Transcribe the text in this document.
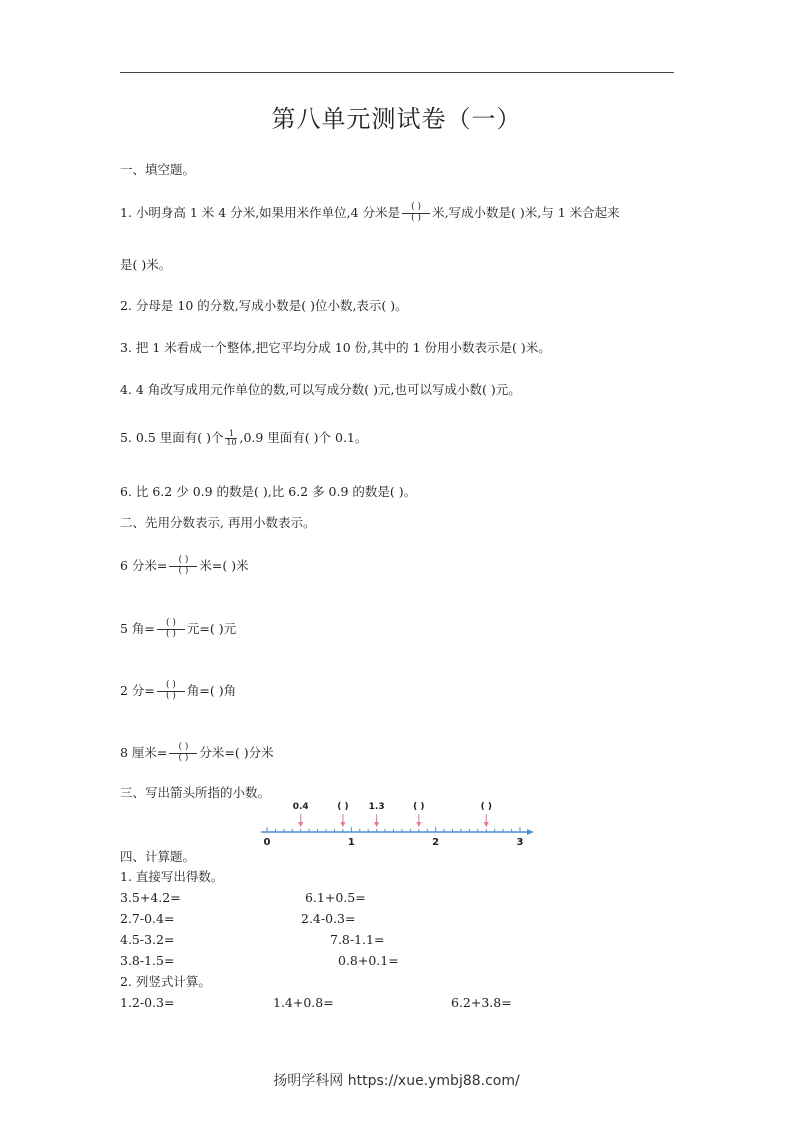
第八单元测试卷（一）
一、填空题。
1. 小明身高 1 米 4 分米,如果用米作单位,4 分米是 $\frac{( )}{( )}$ 米,写成小数是( )米,与 1 米合起来
是( )米。
2. 分母是 10 的分数,写成小数是( )位小数,表示( )。
3. 把 1 米看成一个整体,把它平均分成 10 份,其中的 1 份用小数表示是( )米。
4. 4 角改写成用元作单位的数,可以写成分数( )元,也可以写成小数( )元。
5. 0.5 里面有( )个 $\frac{1}{10} ,0.9$ 里面有( )个 0.1。
6. 比 6.2 少 0.9 的数是( ),比 6.2 多 0.9 的数是( )。
二、先用分数表示, 再用小数表示。
6 分米= $\frac{( )}{( )}$ 米=( )米
5 角= $\frac{( )}{( )}$ 元=( )元
2 分= $\frac{( )}{( )}$ 角=( )角
8 厘米= $\frac{( )}{( )}$ 分米=( )分米
三、写出箭头所指的小数。
0	1	2	3
0.4	( ) 1.3	( )	( )
四、计算题。
1. 直接写出得数。
3.5+4.2=	6.1+0.5=
2.7-0.4=	2.4-0.3=
4.5-3.2=	7.8-1.1=
3.8-1.5=	0.8+0.1=
2. 列竖式计算。
1.2-0.3=	1.4+0.8=	6.2+3.8=
扬明学科网 https://xue.ymbj88.com/
